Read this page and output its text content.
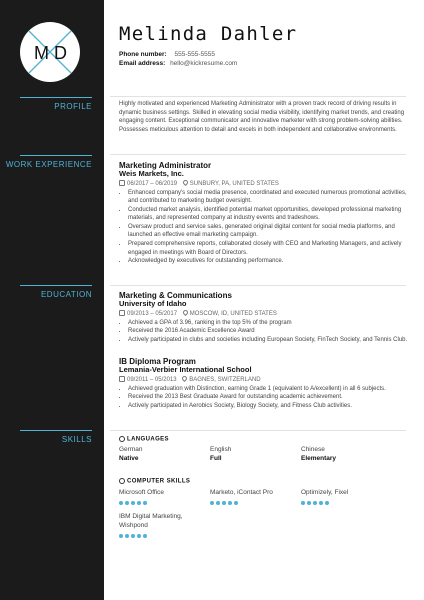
M D
PROFILE
WORK EXPERIENCE
EDUCATION
SKILLS
Melinda Dahler
Phone number: 555-555-5555
Email address: hello@kickresume.com
Highly motivated and experienced Marketing Administrator with a proven track record of driving results in dynamic business settings. Skilled in elevating social media visibility, identifying market trends, and creating engaging content. Exceptional communicator and innovative marketer with strong problem-solving abilities. Possesses meticulous attention to detail and excels in both independent and collaborative environments.
Marketing Administrator
Weis Markets, Inc.
06/2017 – 06/2019 SUNBURY, PA, UNITED STATES
• Enhanced company's social media presence, coordinated and executed numerous promotional activities, and contributed to marketing budget oversight.
• Conducted market analysis, identified potential market opportunities, developed professional marketing materials, and represented company at industry events and tradeshows.
• Oversaw product and service sales, generated original digital content for social media platforms, and launched an effective email marketing campaign.
• Prepared comprehensive reports, collaborated closely with CEO and Marketing Managers, and actively engaged in meetings with Board of Directors.
• Acknowledged by executives for outstanding performance.
Marketing & Communications
University of Idaho
09/2013 – 05/2017 MOSCOW, ID, UNITED STATES
• Achieved a GPA of 3.96, ranking in the top 5% of the program
• Received the 2016 Academic Excellence Award
• Actively participated in clubs and societies including European Society, FinTech Society, and Tennis Club.
IB Diploma Program
Lemania-Verbier International School
09/2011 – 05/2013 BAGNES, SWITZERLAND
• Achieved graduation with Distinction, earning Grade 1 (equivalent to A/excellent) in all 6 subjects.
• Received the 2013 Best Graduate Award for outstanding academic achievement.
• Actively participated in Aerobics Society, Biology Society, and Fitness Club activities.
LANGUAGES
German
Native
English
Full
Chinese
Elementary
COMPUTER SKILLS
Microsoft Office	Marketo, iContact Pro	Optimizely, Fixel
IBM Digital Marketing, Wishpond
